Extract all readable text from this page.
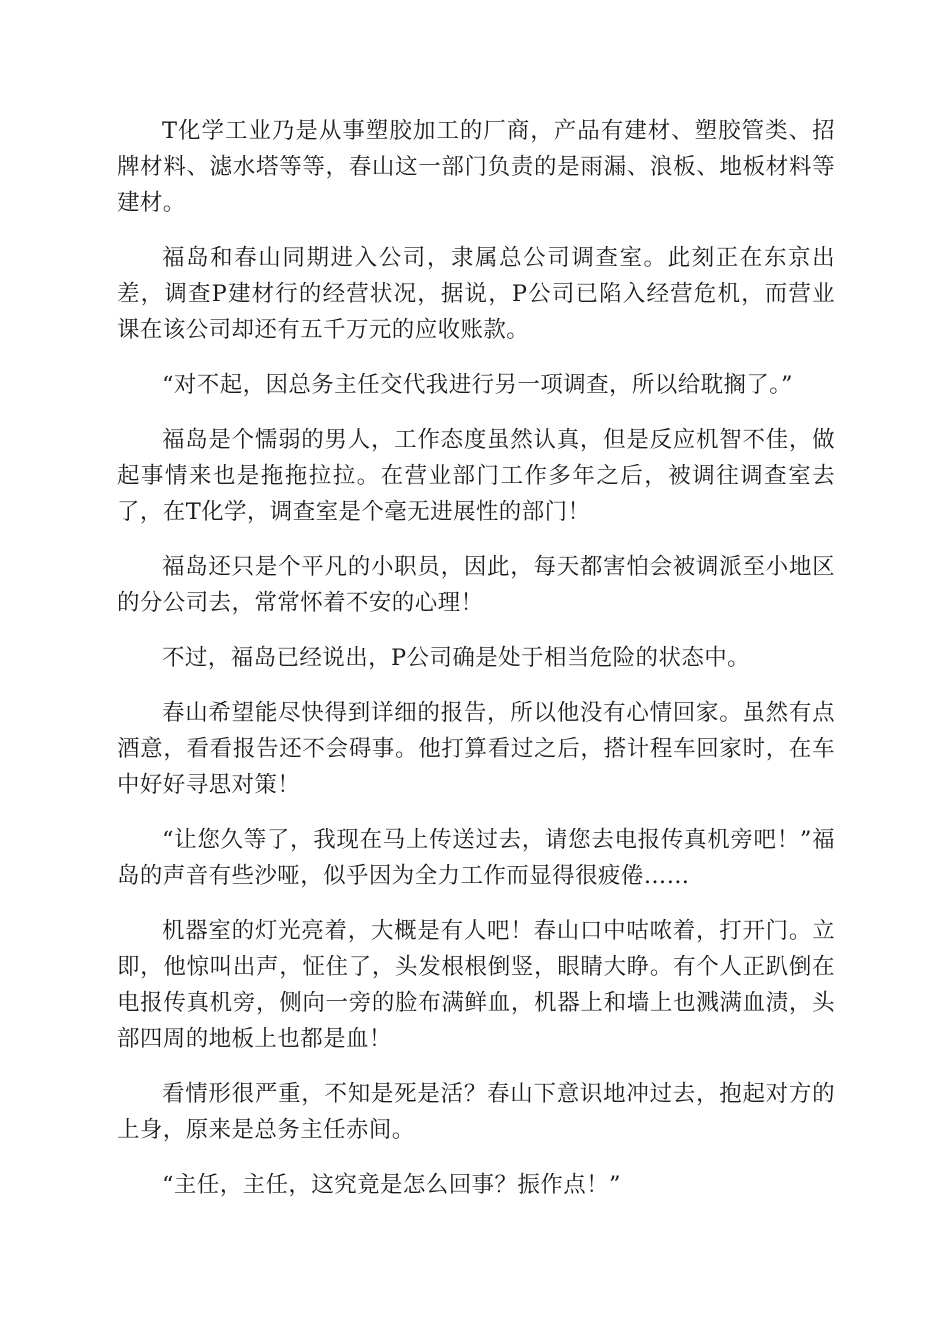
T化学工业乃是从事塑胶加工的厂商，产品有建材、塑胶管类、招牌材料、滤水塔等等，春山这一部门负责的是雨漏、浪板、地板材料等建材。

福岛和春山同期进入公司，隶属总公司调查室。此刻正在东京出差，调查P建材行的经营状况，据说，P公司已陷入经营危机，而营业课在该公司却还有五千万元的应收账款。

“对不起，因总务主任交代我进行另一项调查，所以给耽搁了。”

福岛是个懦弱的男人，工作态度虽然认真，但是反应机智不佳，做起事情来也是拖拖拉拉。在营业部门工作多年之后，被调往调查室去了，在T化学，调查室是个毫无进展性的部门！

福岛还只是个平凡的小职员，因此，每天都害怕会被调派至小地区的分公司去，常常怀着不安的心理！

不过，福岛已经说出，P公司确是处于相当危险的状态中。

春山希望能尽快得到详细的报告，所以他没有心情回家。虽然有点酒意，看看报告还不会碍事。他打算看过之后，搭计程车回家时，在车中好好寻思对策！

“让您久等了，我现在马上传送过去，请您去电报传真机旁吧！”福岛的声音有些沙哑，似乎因为全力工作而显得很疲倦……

机器室的灯光亮着，大概是有人吧！春山口中咕哝着，打开门。立即，他惊叫出声，怔住了，头发根根倒竖，眼睛大睁。有个人正趴倒在电报传真机旁，侧向一旁的脸布满鲜血，机器上和墙上也溅满血渍，头部四周的地板上也都是血！

看情形很严重，不知是死是活？春山下意识地冲过去，抱起对方的上身，原来是总务主任赤间。

“主任，主任，这究竟是怎么回事？振作点！”
